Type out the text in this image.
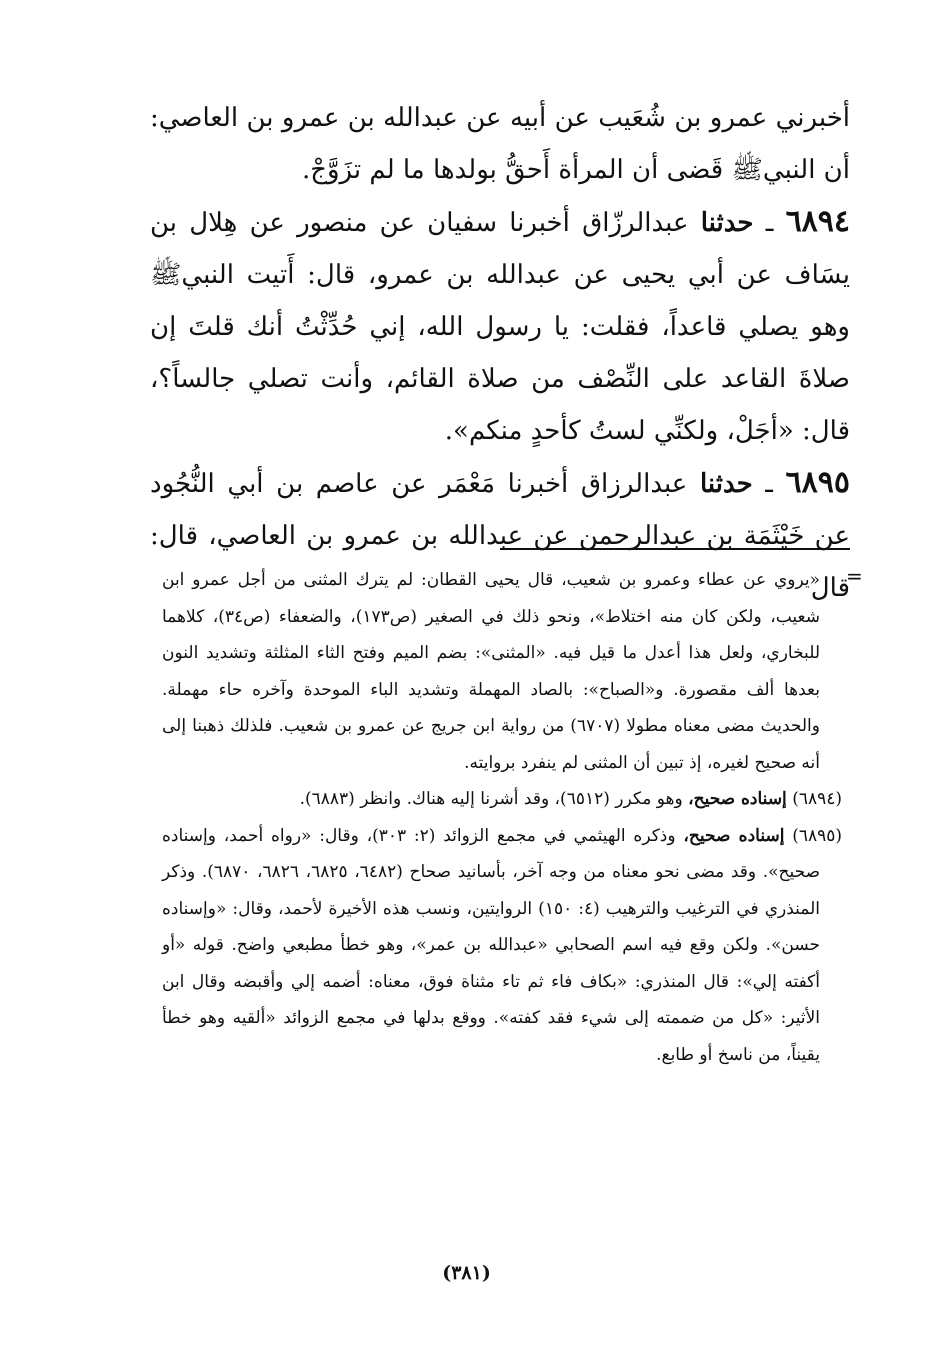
أخبرني عمرو بن شُعَيب عن أبيه عن عبدالله بن عمرو بن العاصي: أن النبيﷺ قَضى أن المرأة أَحقُّ بولدها ما لم تزَوَّجْ.

٦٨٩٤ ـ حدثنا عبدالرزّاق أخبرنا سفيان عن منصور عن هِلال بن يسَاف عن أبي يحيى عن عبدالله بن عمرو، قال: أَتيت النبيﷺ وهو يصلي قاعداً، فقلت: يا رسول الله، إني حُدِّثْتُ أنك قلتَ إن صلاةَ القاعد على النِّصْف من صلاة القائم، وأنت تصلي جالساً؟، قال: «أجَلْ، ولكنِّي لستُ كأحدٍ منكم».

٦٨٩٥ ـ حدثنا عبدالرزاق أخبرنا مَعْمَر عن عاصم بن أبي النُّجُود عن خَيْثَمَة بن عبدالرحمن عن عبدالله بن عمرو بن العاصي، قال: قال

=

«يروي عن عطاء وعمرو بن شعيب، قال يحيى القطان: لم يترك المثنى من أجل عمرو ابن شعيب، ولكن كان منه اختلاط»، ونحو ذلك في الصغير (ص١٧٣)، والضعفاء (ص٣٤)، كلاهما للبخاري، ولعل هذا أعدل ما قيل فيه. «المثنى»: بضم الميم وفتح الثاء المثلثة وتشديد النون بعدها ألف مقصورة. و«الصباح»: بالصاد المهملة وتشديد الباء الموحدة وآخره حاء مهملة. والحديث مضى معناه مطولا (٦٧٠٧) من رواية ابن جريج عن عمرو بن شعيب. فلذلك ذهبنا إلى أنه صحيح لغيره، إذ تبين أن المثنى لم ينفرد بروايته.

(٦٨٩٤) إسناده صحيح، وهو مكرر (٦٥١٢)، وقد أشرنا إليه هناك. وانظر (٦٨٨٣).

(٦٨٩٥) إسناده صحيح، وذكره الهيثمي في مجمع الزوائد (٢: ٣٠٣)، وقال: «رواه أحمد، وإسناده صحيح». وقد مضى نحو معناه من وجه آخر، بأسانيد صحاح (٦٤٨٢، ٦٨٢٥، ٦٨٢٦، ٦٨٧٠). وذكر المنذري في الترغيب والترهيب (٤: ١٥٠) الروايتين، ونسب هذه الأخيرة لأحمد، وقال: «وإسناده حسن». ولكن وقع فيه اسم الصحابي «عبدالله بن عمر»، وهو خطأ مطبعي واضح. قوله «أو أكفته إلي»: قال المنذري: «بكاف فاء ثم تاء مثناة فوق، معناه: أضمه إلي وأقبضه وقال ابن الأثير: «كل من ضممته إلى شيء فقد كفته». ووقع بدلها في مجمع الزوائد «ألقيه وهو خطأ يقيناً، من ناسخ أو طابع.

(٣٨١)
